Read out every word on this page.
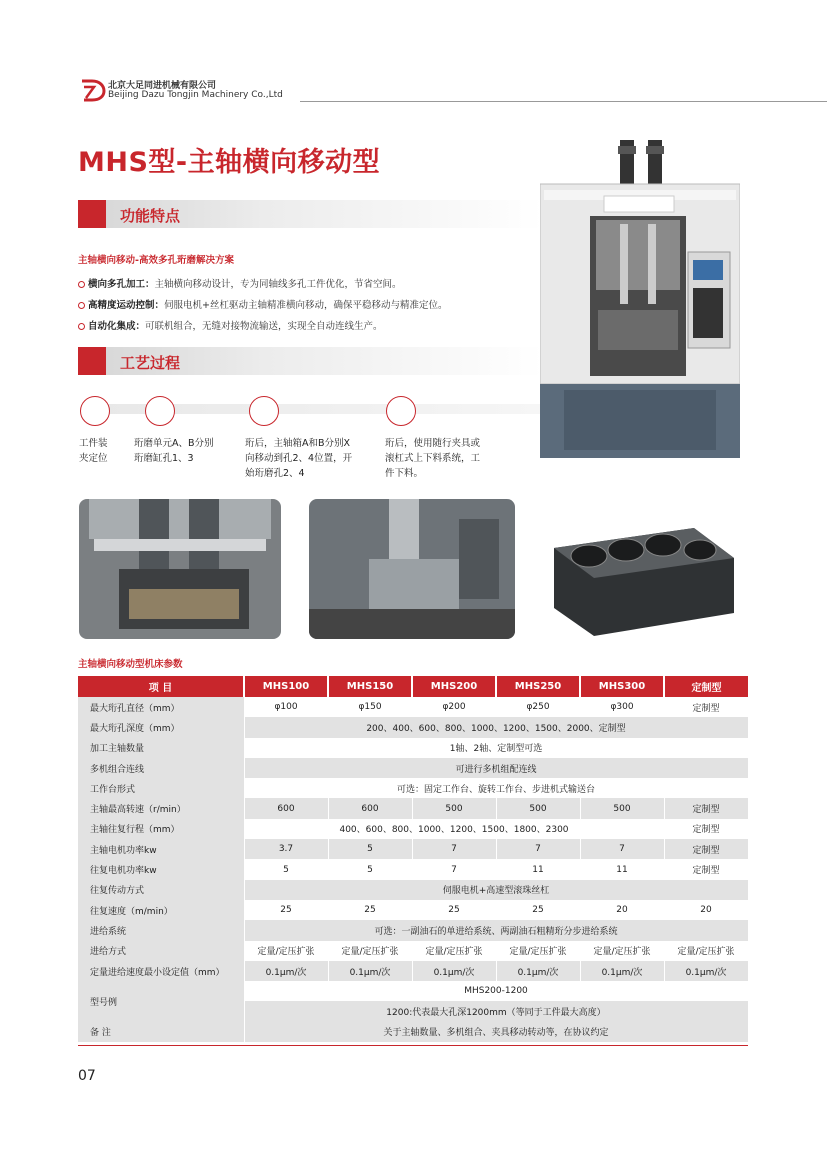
北京大足同进机械有限公司
Beijing Dazu Tongjin Machinery Co.,Ltd
MHS型-主轴横向移动型
功能特点
主轴横向移动-高效多孔珩磨解决方案
横向多孔加工：主轴横向移动设计，专为同轴线多孔工件优化，节省空间。
高精度运动控制：伺服电机+丝杠驱动主轴精准横向移动，确保平稳移动与精准定位。
自动化集成：可联机组合，无缝对接物流输送，实现全自动连线生产。
工艺过程
工件装
夹定位
珩磨单元A、B分别
珩磨缸孔1、3
珩后，主轴箱A和B分别X
向移动到孔2、4位置，开
始珩磨孔2、4
珩后，使用随行夹具或
滚杠式上下料系统，工
件下料。
主轴横向移动型机床参数
项 目	MHS100	MHS150	MHS200	MHS250	MHS300	定制型
最大珩孔直径（mm）	φ100	φ150	φ200	φ250	φ300	定制型
最大珩孔深度（mm）	200、400、600、800、1000、1200、1500、2000、定制型					
加工主轴数量	1轴、2轴、定制型可选					
多机组合连线	可进行多机组配连线					
工作台形式	可选：固定工作台、旋转工作台、步进机式输送台					
主轴最高转速（r/min）	600	600	500	500	500	定制型
主轴往复行程（mm）	400、600、800、1000、1200、1500、1800、2300					定制型
主轴电机功率kw	3.7	5	7	7	7	定制型
往复电机功率kw	5	5	7	11	11	定制型
往复传动方式	伺服电机+高速型滚珠丝杠					
往复速度（m/min）	25	25	25	25	20	20
进给系统	可选：一副油石的单进给系统、两副油石粗精珩分步进给系统					
进给方式	定量/定压扩张	定量/定压扩张	定量/定压扩张	定量/定压扩张	定量/定压扩张	定量/定压扩张
定量进给速度最小设定值（mm）	0.1μm/次	0.1μm/次	0.1μm/次	0.1μm/次	0.1μm/次	0.1μm/次
型号例	MHS200-1200					
	1200:代表最大孔深1200mm（等同于工件最大高度）					
备 注	关于主轴数量、多机组合、夹具移动转动等，在协议约定					
07
